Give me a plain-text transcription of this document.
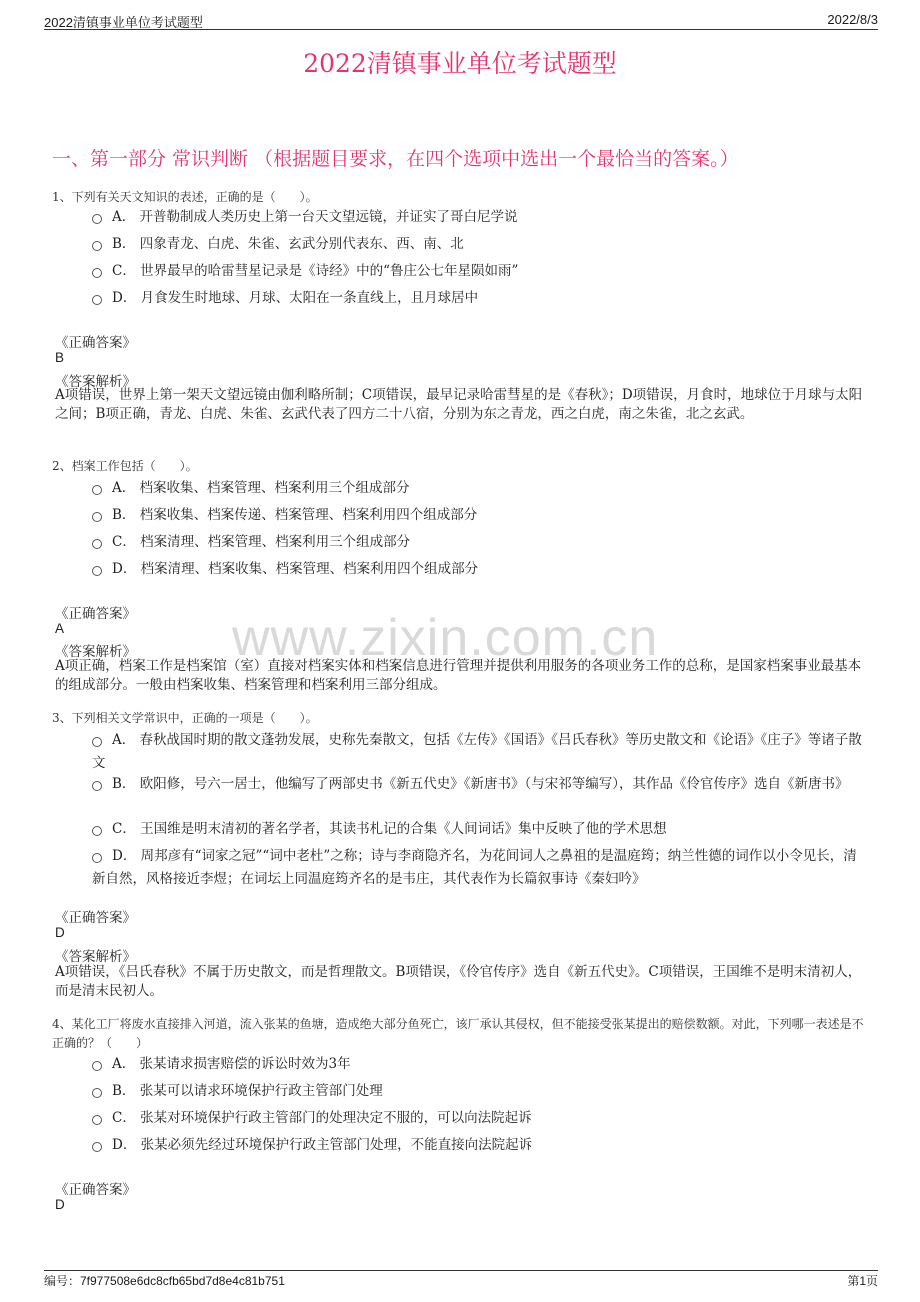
2022清镇事业单位考试题型	2022/8/3
2022清镇事业单位考试题型
一、第一部分 常识判断 （根据题目要求，在四个选项中选出一个最恰当的答案。）
www.zixin.com.cn
1、下列有关天文知识的表述，正确的是（　　）。
A． 开普勒制成人类历史上第一台天文望远镜，并证实了哥白尼学说
B． 四象青龙、白虎、朱雀、玄武分别代表东、西、南、北
C． 世界最早的哈雷彗星记录是《诗经》中的“鲁庄公七年星陨如雨”
D． 月食发生时地球、月球、太阳在一条直线上，且月球居中
《正确答案》
B
《答案解析》
A项错误，世界上第一架天文望远镜由伽利略所制；C项错误，最早记录哈雷彗星的是《春秋》；D项错误，月食时，地球位于月球与太阳之间；B项正确，青龙、白虎、朱雀、玄武代表了四方二十八宿，分别为东之青龙，西之白虎，南之朱雀，北之玄武。
2、档案工作包括（　　）。
A． 档案收集、档案管理、档案利用三个组成部分
B． 档案收集、档案传递、档案管理、档案利用四个组成部分
C． 档案清理、档案管理、档案利用三个组成部分
D． 档案清理、档案收集、档案管理、档案利用四个组成部分
《正确答案》
A
《答案解析》
A项正确，档案工作是档案馆（室）直接对档案实体和档案信息进行管理并提供利用服务的各项业务工作的总称，是国家档案事业最基本的组成部分。一般由档案收集、档案管理和档案利用三部分组成。
3、下列相关文学常识中，正确的一项是（　　）。
A． 春秋战国时期的散文蓬勃发展，史称先秦散文，包括《左传》《国语》《吕氏春秋》等历史散文和《论语》《庄子》等诸子散文
B． 欧阳修，号六一居士，他编写了两部史书《新五代史》《新唐书》（与宋祁等编写），其作品《伶官传序》选自《新唐书》
C． 王国维是明末清初的著名学者，其读书札记的合集《人间词话》集中反映了他的学术思想
D． 周邦彦有“词家之冠”“词中老杜”之称；诗与李商隐齐名，为花间词人之鼻祖的是温庭筠；纳兰性德的词作以小令见长，清新自然，风格接近李煜；在词坛上同温庭筠齐名的是韦庄，其代表作为长篇叙事诗《秦妇吟》
《正确答案》
D
《答案解析》
A项错误，《吕氏春秋》不属于历史散文，而是哲理散文。B项错误，《伶官传序》选自《新五代史》。C项错误，王国维不是明末清初人，而是清末民初人。
4、某化工厂将废水直接排入河道，流入张某的鱼塘，造成绝大部分鱼死亡，该厂承认其侵权，但不能接受张某提出的赔偿数额。对此，下列哪一表述是不正确的？（　　）
A． 张某请求损害赔偿的诉讼时效为3年
B． 张某可以请求环境保护行政主管部门处理
C． 张某对环境保护行政主管部门的处理决定不服的，可以向法院起诉
D． 张某必须先经过环境保护行政主管部门处理，不能直接向法院起诉
《正确答案》
D
编号：7f977508e6dc8cfb65bd7d8e4c81b751	第1页
